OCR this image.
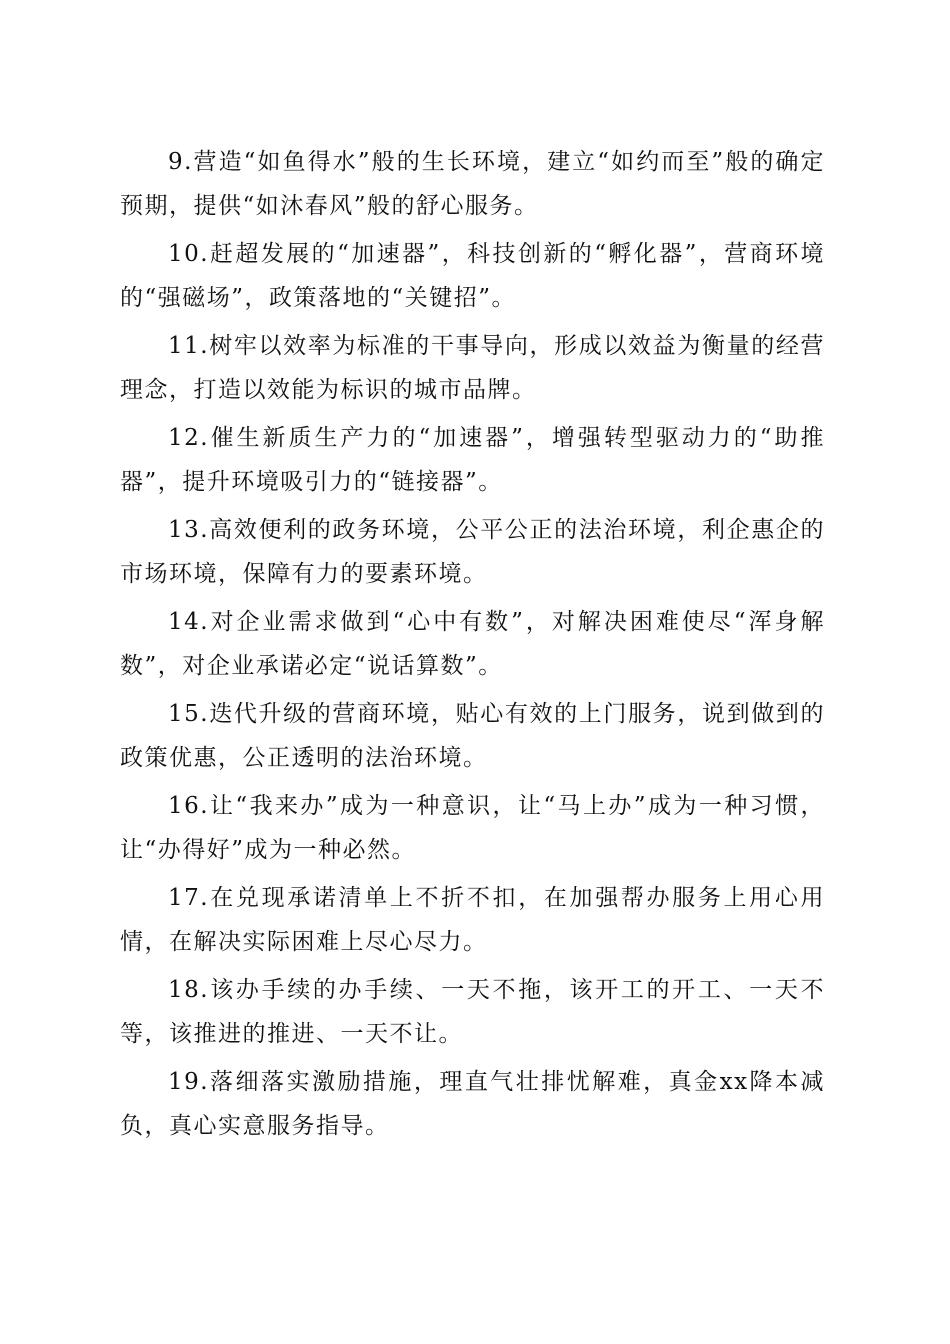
9.营造“如鱼得水”般的生长环境，建立“如约而至”般的确定预期，提供“如沐春风”般的舒心服务。

10.赶超发展的“加速器”，科技创新的“孵化器”，营商环境的“强磁场”，政策落地的“关键招”。

11.树牢以效率为标准的干事导向，形成以效益为衡量的经营理念，打造以效能为标识的城市品牌。

12.催生新质生产力的“加速器”，增强转型驱动力的“助推器”，提升环境吸引力的“链接器”。

13.高效便利的政务环境，公平公正的法治环境，利企惠企的市场环境，保障有力的要素环境。

14.对企业需求做到“心中有数”，对解决困难使尽“浑身解数”，对企业承诺必定“说话算数”。

15.迭代升级的营商环境，贴心有效的上门服务，说到做到的政策优惠，公正透明的法治环境。

16.让“我来办”成为一种意识，让“马上办”成为一种习惯，让“办得好”成为一种必然。

17.在兑现承诺清单上不折不扣，在加强帮办服务上用心用情，在解决实际困难上尽心尽力。

18.该办手续的办手续、一天不拖，该开工的开工、一天不等，该推进的推进、一天不让。

19.落细落实激励措施，理直气壮排忧解难，真金xx降本减负，真心实意服务指导。
